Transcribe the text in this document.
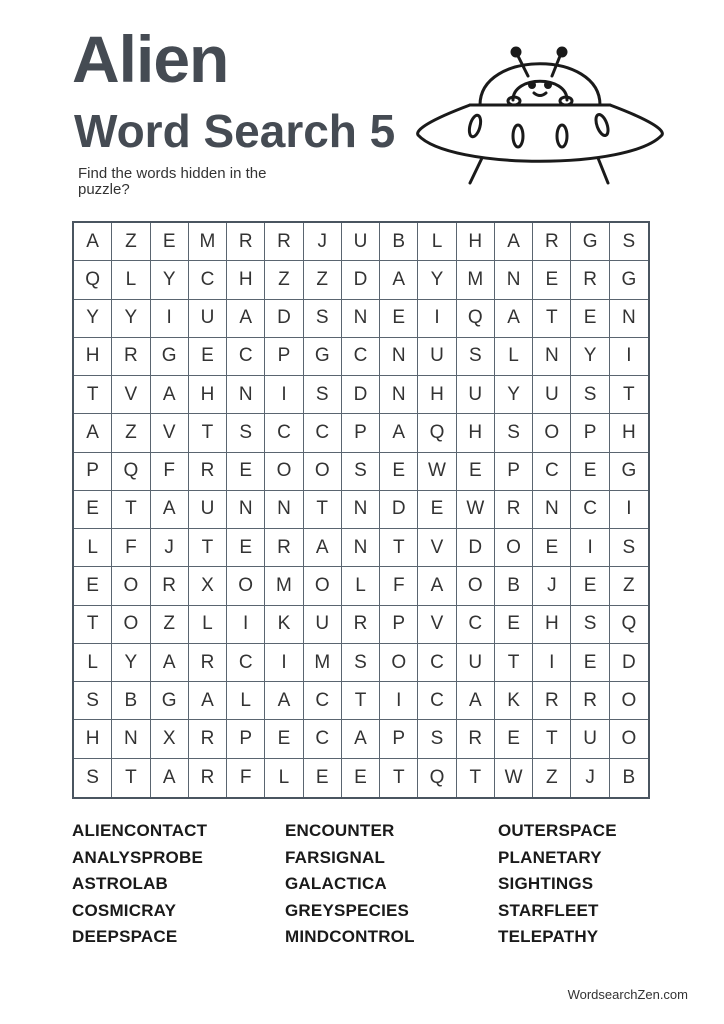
Alien
Word Search 5

Find the words hidden in the puzzle?

A	Z	E	M	R	R	J	U	B	L	H	A	R	G	S
Q	L	Y	C	H	Z	Z	D	A	Y	M	N	E	R	G
Y	Y	I	U	A	D	S	N	E	I	Q	A	T	E	N
H	R	G	E	C	P	G	C	N	U	S	L	N	Y	I
T	V	A	H	N	I	S	D	N	H	U	Y	U	S	T
A	Z	V	T	S	C	C	P	A	Q	H	S	O	P	H
P	Q	F	R	E	O	O	S	E	W	E	P	C	E	G
E	T	A	U	N	N	T	N	D	E	W	R	N	C	I
L	F	J	T	E	R	A	N	T	V	D	O	E	I	S
E	O	R	X	O	M	O	L	F	A	O	B	J	E	Z
T	O	Z	L	I	K	U	R	P	V	C	E	H	S	Q
L	Y	A	R	C	I	M	S	O	C	U	T	I	E	D
S	B	G	A	L	A	C	T	I	C	A	K	R	R	O
H	N	X	R	P	E	C	A	P	S	R	E	T	U	O
S	T	A	R	F	L	E	E	T	Q	T	W	Z	J	B
ALIENCONTACT
ANALYSPROBE
ASTROLAB
COSMICRAY
DEEPSPACE
ENCOUNTER
FARSIGNAL
GALACTICA
GREYSPECIES
MINDCONTROL
OUTERSPACE
PLANETARY
SIGHTINGS
STARFLEET
TELEPATHY
WordsearchZen.com
